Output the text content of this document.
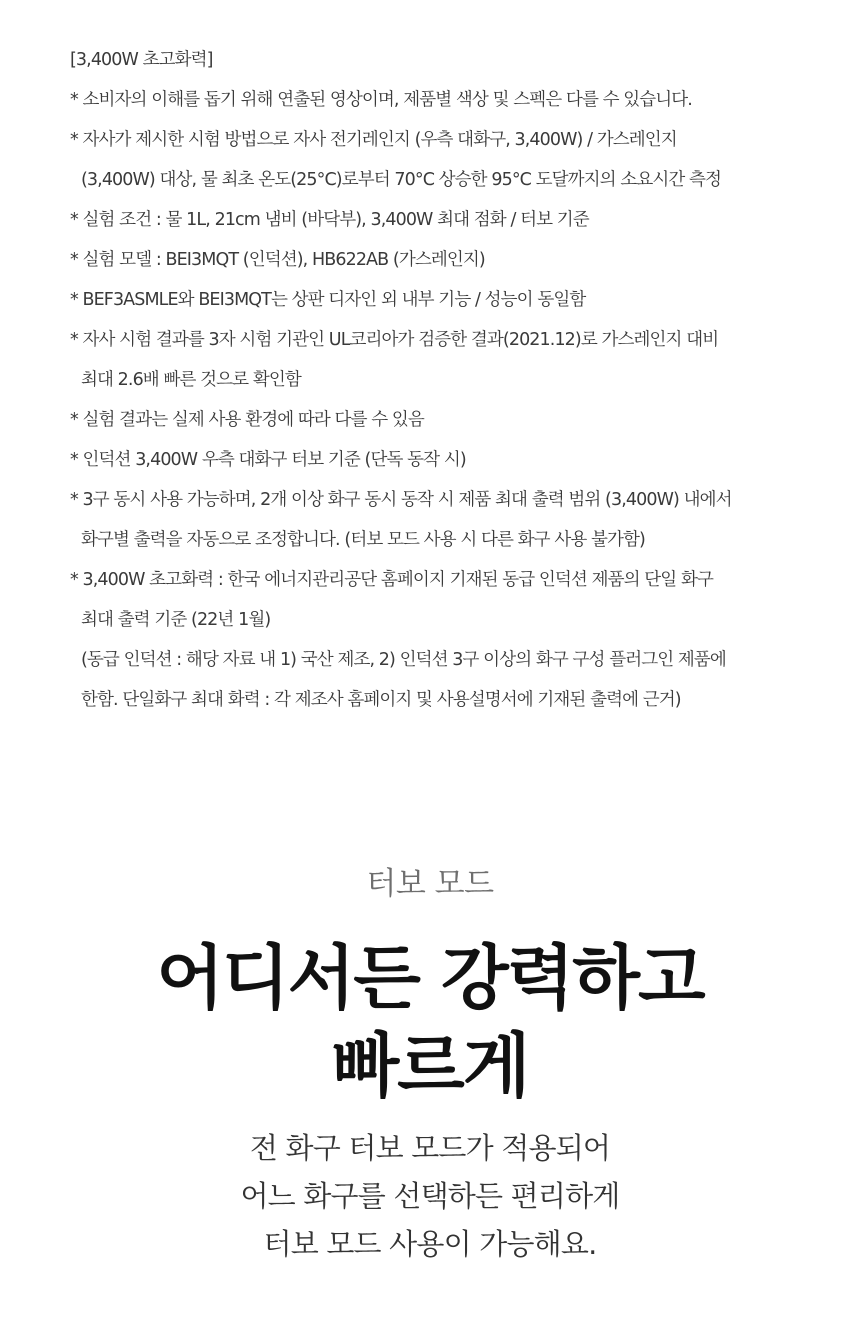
[3,400W 초고화력]
* 소비자의 이해를 돕기 위해 연출된 영상이며, 제품별 색상 및 스펙은 다를 수 있습니다.
* 자사가 제시한 시험 방법으로 자사 전기레인지 (우측 대화구, 3,400W) / 가스레인지
(3,400W) 대상, 물 최초 온도(25°C)로부터 70°C 상승한 95°C 도달까지의 소요시간 측정
* 실험 조건 : 물 1L, 21cm 냄비 (바닥부), 3,400W 최대 점화 / 터보 기준
* 실험 모델 : BEI3MQT (인덕션), HB622AB (가스레인지)
* BEF3ASMLE와 BEI3MQT는 상판 디자인 외 내부 기능 / 성능이 동일함
* 자사 시험 결과를 3자 시험 기관인 UL코리아가 검증한 결과(2021.12)로 가스레인지 대비
최대 2.6배 빠른 것으로 확인함
* 실험 결과는 실제 사용 환경에 따라 다를 수 있음
* 인덕션 3,400W 우측 대화구 터보 기준 (단독 동작 시)
* 3구 동시 사용 가능하며, 2개 이상 화구 동시 동작 시 제품 최대 출력 범위 (3,400W) 내에서
화구별 출력을 자동으로 조정합니다. (터보 모드 사용 시 다른 화구 사용 불가함)
* 3,400W 초고화력 : 한국 에너지관리공단 홈페이지 기재된 동급 인덕션 제품의 단일 화구
최대 출력 기준 (22년 1월)
(동급 인덕션 : 해당 자료 내 1) 국산 제조, 2) 인덕션 3구 이상의 화구 구성 플러그인 제품에
한함. 단일화구 최대 화력 : 각 제조사 홈페이지 및 사용설명서에 기재된 출력에 근거)
터보 모드
어디서든 강력하고
빠르게
전 화구 터보 모드가 적용되어
어느 화구를 선택하든 편리하게
터보 모드 사용이 가능해요.
